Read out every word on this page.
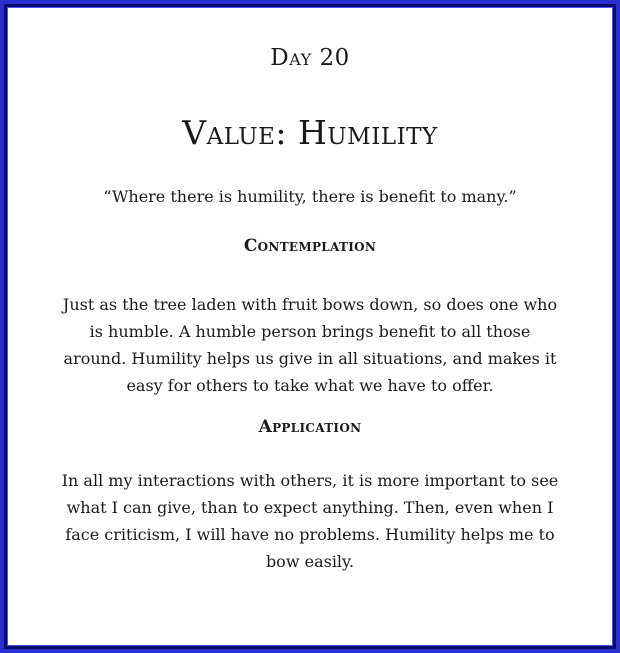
Day 20
Value: Humility
“Where there is humility, there is benefit to many.”
Contemplation
Just as the tree laden with fruit bows down, so does one who is humble. A humble person brings benefit to all those around. Humility helps us give in all situations, and makes it easy for others to take what we have to offer.
Application
In all my interactions with others, it is more important to see what I can give, than to expect anything. Then, even when I face criticism, I will have no problems. Humility helps me to bow easily.
